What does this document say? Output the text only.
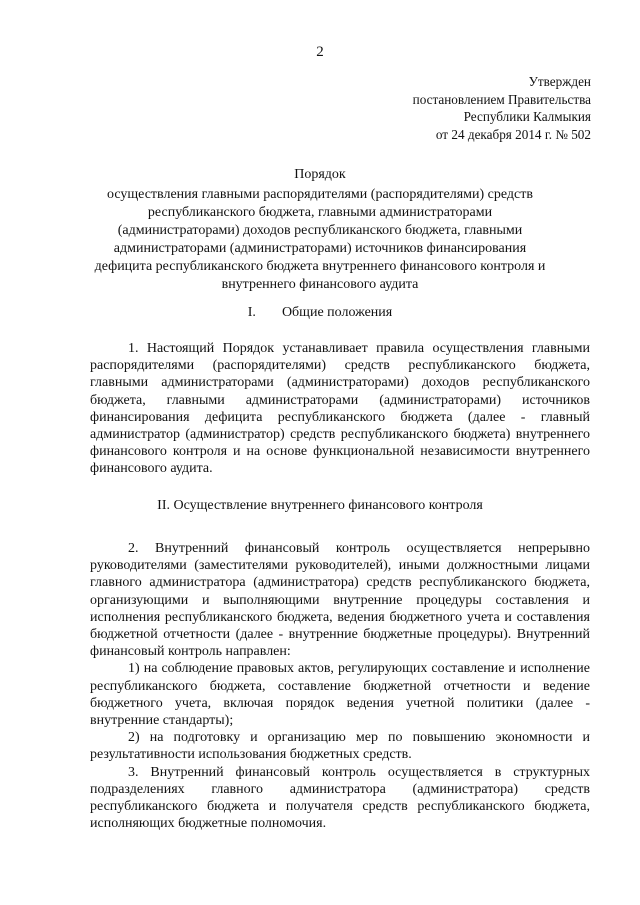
2
Утвержден
постановлением Правительства
Республики Калмыкия
от 24 декабря 2014 г. № 502
Порядок
осуществления главными распорядителями (распорядителями) средств республиканского бюджета, главными администраторами (администраторами) доходов республиканского бюджета, главными администраторами (администраторами) источников финансирования дефицита республиканского бюджета внутреннего финансового контроля и внутреннего финансового аудита
I. Общие положения

1. Настоящий Порядок устанавливает правила осуществления главными распорядителями (распорядителями) средств республиканского бюджета, главными администраторами (администраторами) доходов республиканского бюджета, главными администраторами (администраторами) источников финансирования дефицита республиканского бюджета (далее - главный администратор (администратор) средств республиканского бюджета) внутреннего финансового контроля и на основе функциональной независимости внутреннего финансового аудита.

II. Осуществление внутреннего финансового контроля

2. Внутренний финансовый контроль осуществляется непрерывно руководителями (заместителями руководителей), иными должностными лицами главного администратора (администратора) средств республиканского бюджета, организующими и выполняющими внутренние процедуры составления и исполнения республиканского бюджета, ведения бюджетного учета и составления бюджетной отчетности (далее - внутренние бюджетные процедуры). Внутренний финансовый контроль направлен:

1) на соблюдение правовых актов, регулирующих составление и исполнение республиканского бюджета, составление бюджетной отчетности и ведение бюджетного учета, включая порядок ведения учетной политики (далее - внутренние стандарты);

2) на подготовку и организацию мер по повышению экономности и результативности использования бюджетных средств.

3. Внутренний финансовый контроль осуществляется в структурных подразделениях главного администратора (администратора) средств республиканского бюджета и получателя средств республиканского бюджета, исполняющих бюджетные полномочия.
